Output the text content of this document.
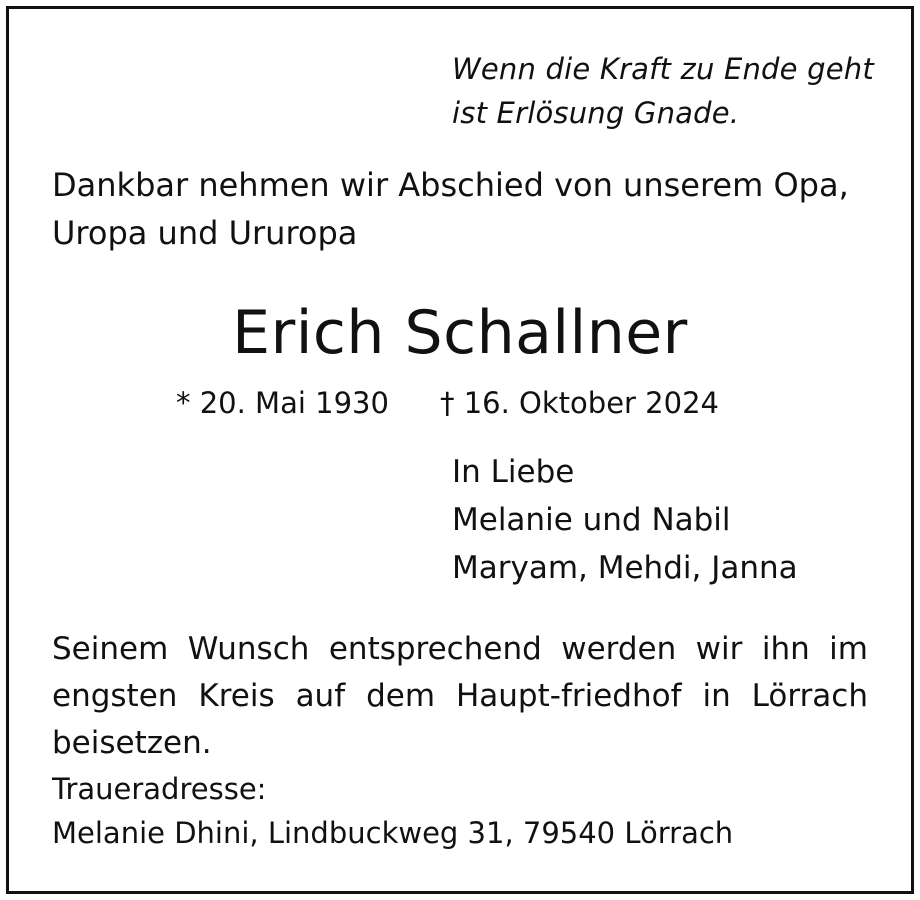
Wenn die Kraft zu Ende geht

ist Erlösung Gnade.

Dankbar nehmen wir Abschied von unserem Opa,

Uropa und Ururopa

Erich Schallner

* 20. Mai 1930 † 16. Oktober 2024

In Liebe

Melanie und Nabil

Maryam, Mehdi, Janna

Seinem Wunsch entsprechend werden wir ihn im
engsten Kreis auf dem Haupt-friedhof in Lörrach
beisetzen.

Traueradresse:

Melanie Dhini, Lindbuckweg 31, 79540 Lörrach
